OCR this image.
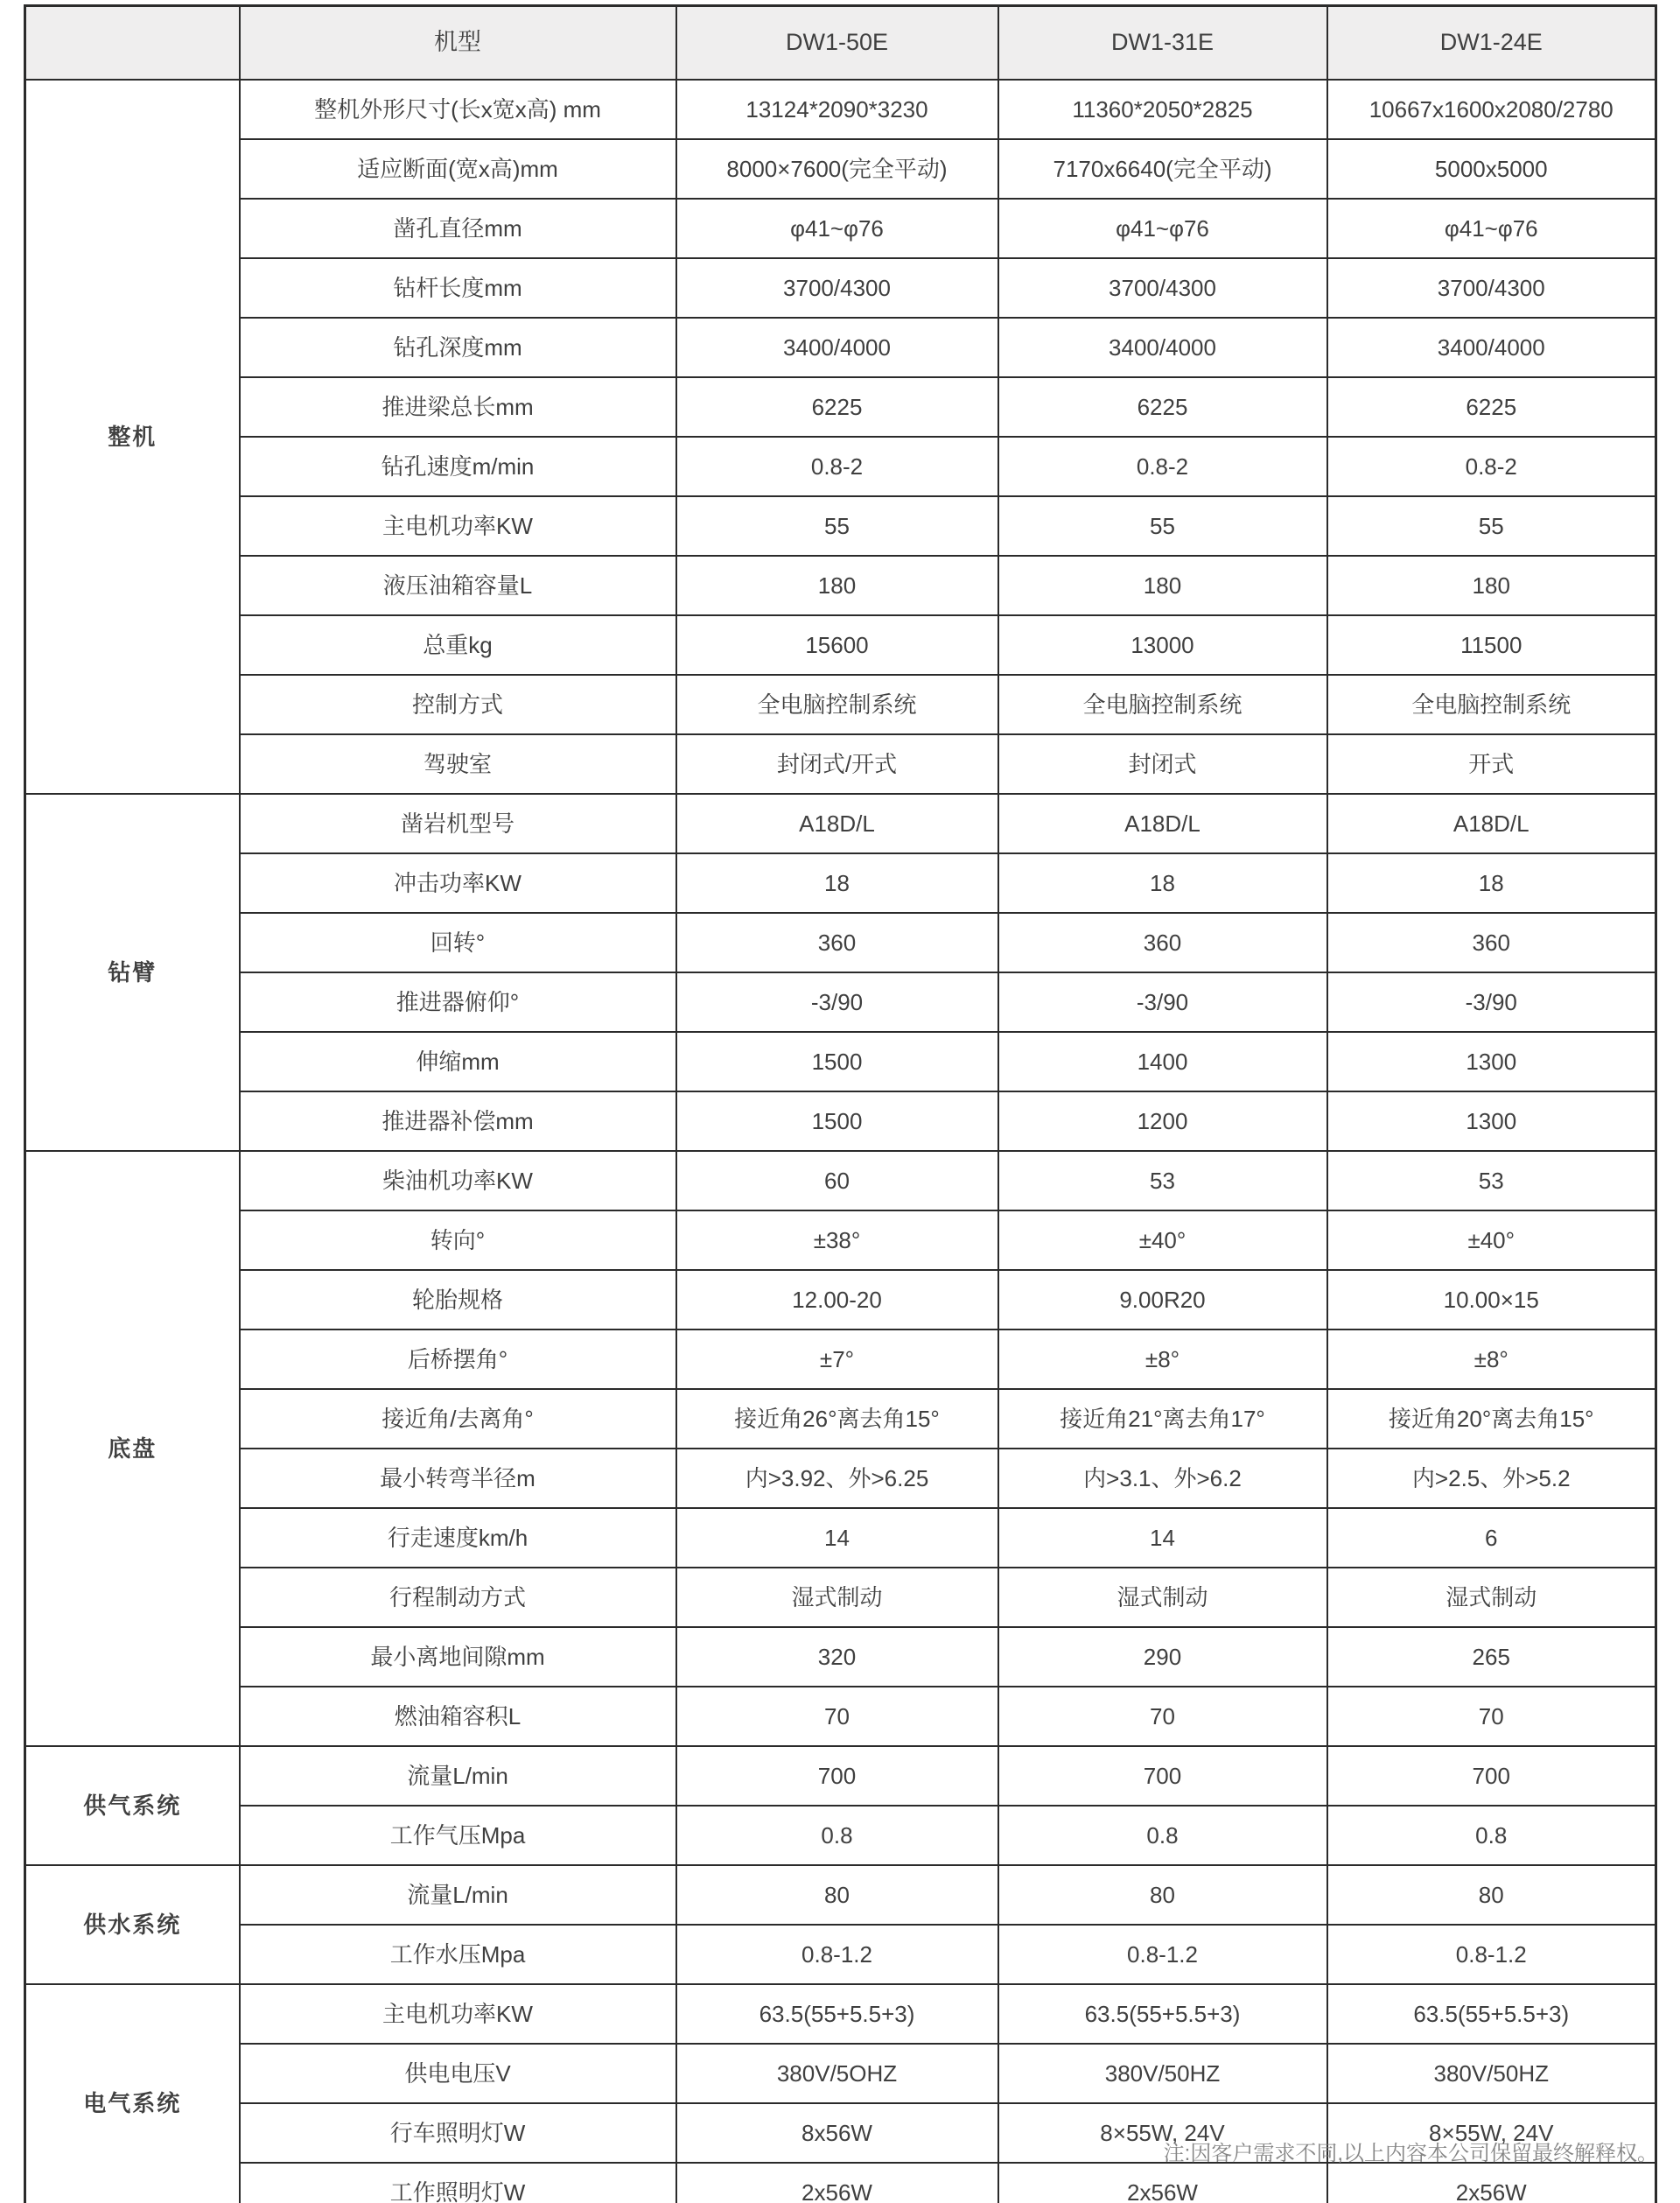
	机型	DW1-50E	DW1-31E	DW1-24E
整机	整机外形尺寸(长x宽x高) mm	13124*2090*3230	11360*2050*2825	10667x1600x2080/2780
	适应断面(宽x高)mm	8000×7600(完全平动)	7170x6640(完全平动)	5000x5000
	凿孔直径mm	φ41~φ76	φ41~φ76	φ41~φ76
	钻杆长度mm	3700/4300	3700/4300	3700/4300
	钻孔深度mm	3400/4000	3400/4000	3400/4000
	推进梁总长mm	6225	6225	6225
	钻孔速度m/min	0.8-2	0.8-2	0.8-2
	主电机功率KW	55	55	55
	液压油箱容量L	180	180	180
	总重kg	15600	13000	11500
	控制方式	全电脑控制系统	全电脑控制系统	全电脑控制系统
	驾驶室	封闭式/开式	封闭式	开式
钻臂	凿岩机型号	A18D/L	A18D/L	A18D/L
	冲击功率KW	18	18	18
	回转°	360	360	360
	推进器俯仰°	-3/90	-3/90	-3/90
	伸缩mm	1500	1400	1300
	推进器补偿mm	1500	1200	1300
底盘	柴油机功率KW	60	53	53
	转向°	±38°	±40°	±40°
	轮胎规格	12.00-20	9.00R20	10.00×15
	后桥摆角°	±7°	±8°	±8°
	接近角/去离角°	接近角26°离去角15°	接近角21°离去角17°	接近角20°离去角15°
	最小转弯半径m	内>3.92、外>6.25	内>3.1、外>6.2	内>2.5、外>5.2
	行走速度km/h	14	14	6
	行程制动方式	湿式制动	湿式制动	湿式制动
	最小离地间隙mm	320	290	265
	燃油箱容积L	70	70	70
供气系统	流量L/min	700	700	700
	工作气压Mpa	0.8	0.8	0.8
供水系统	流量L/min	80	80	80
	工作水压Mpa	0.8-1.2	0.8-1.2	0.8-1.2
电气系统	主电机功率KW	63.5(55+5.5+3)	63.5(55+5.5+3)	63.5(55+5.5+3)
	供电电压V	380V/5OHZ	380V/50HZ	380V/50HZ
	行车照明灯W	8x56W	8×55W, 24V	8×55W, 24V
	工作照明灯W	2x56W	2x56W	2x56W
注:因客户需求不同,以上内容本公司保留最终解释权。
